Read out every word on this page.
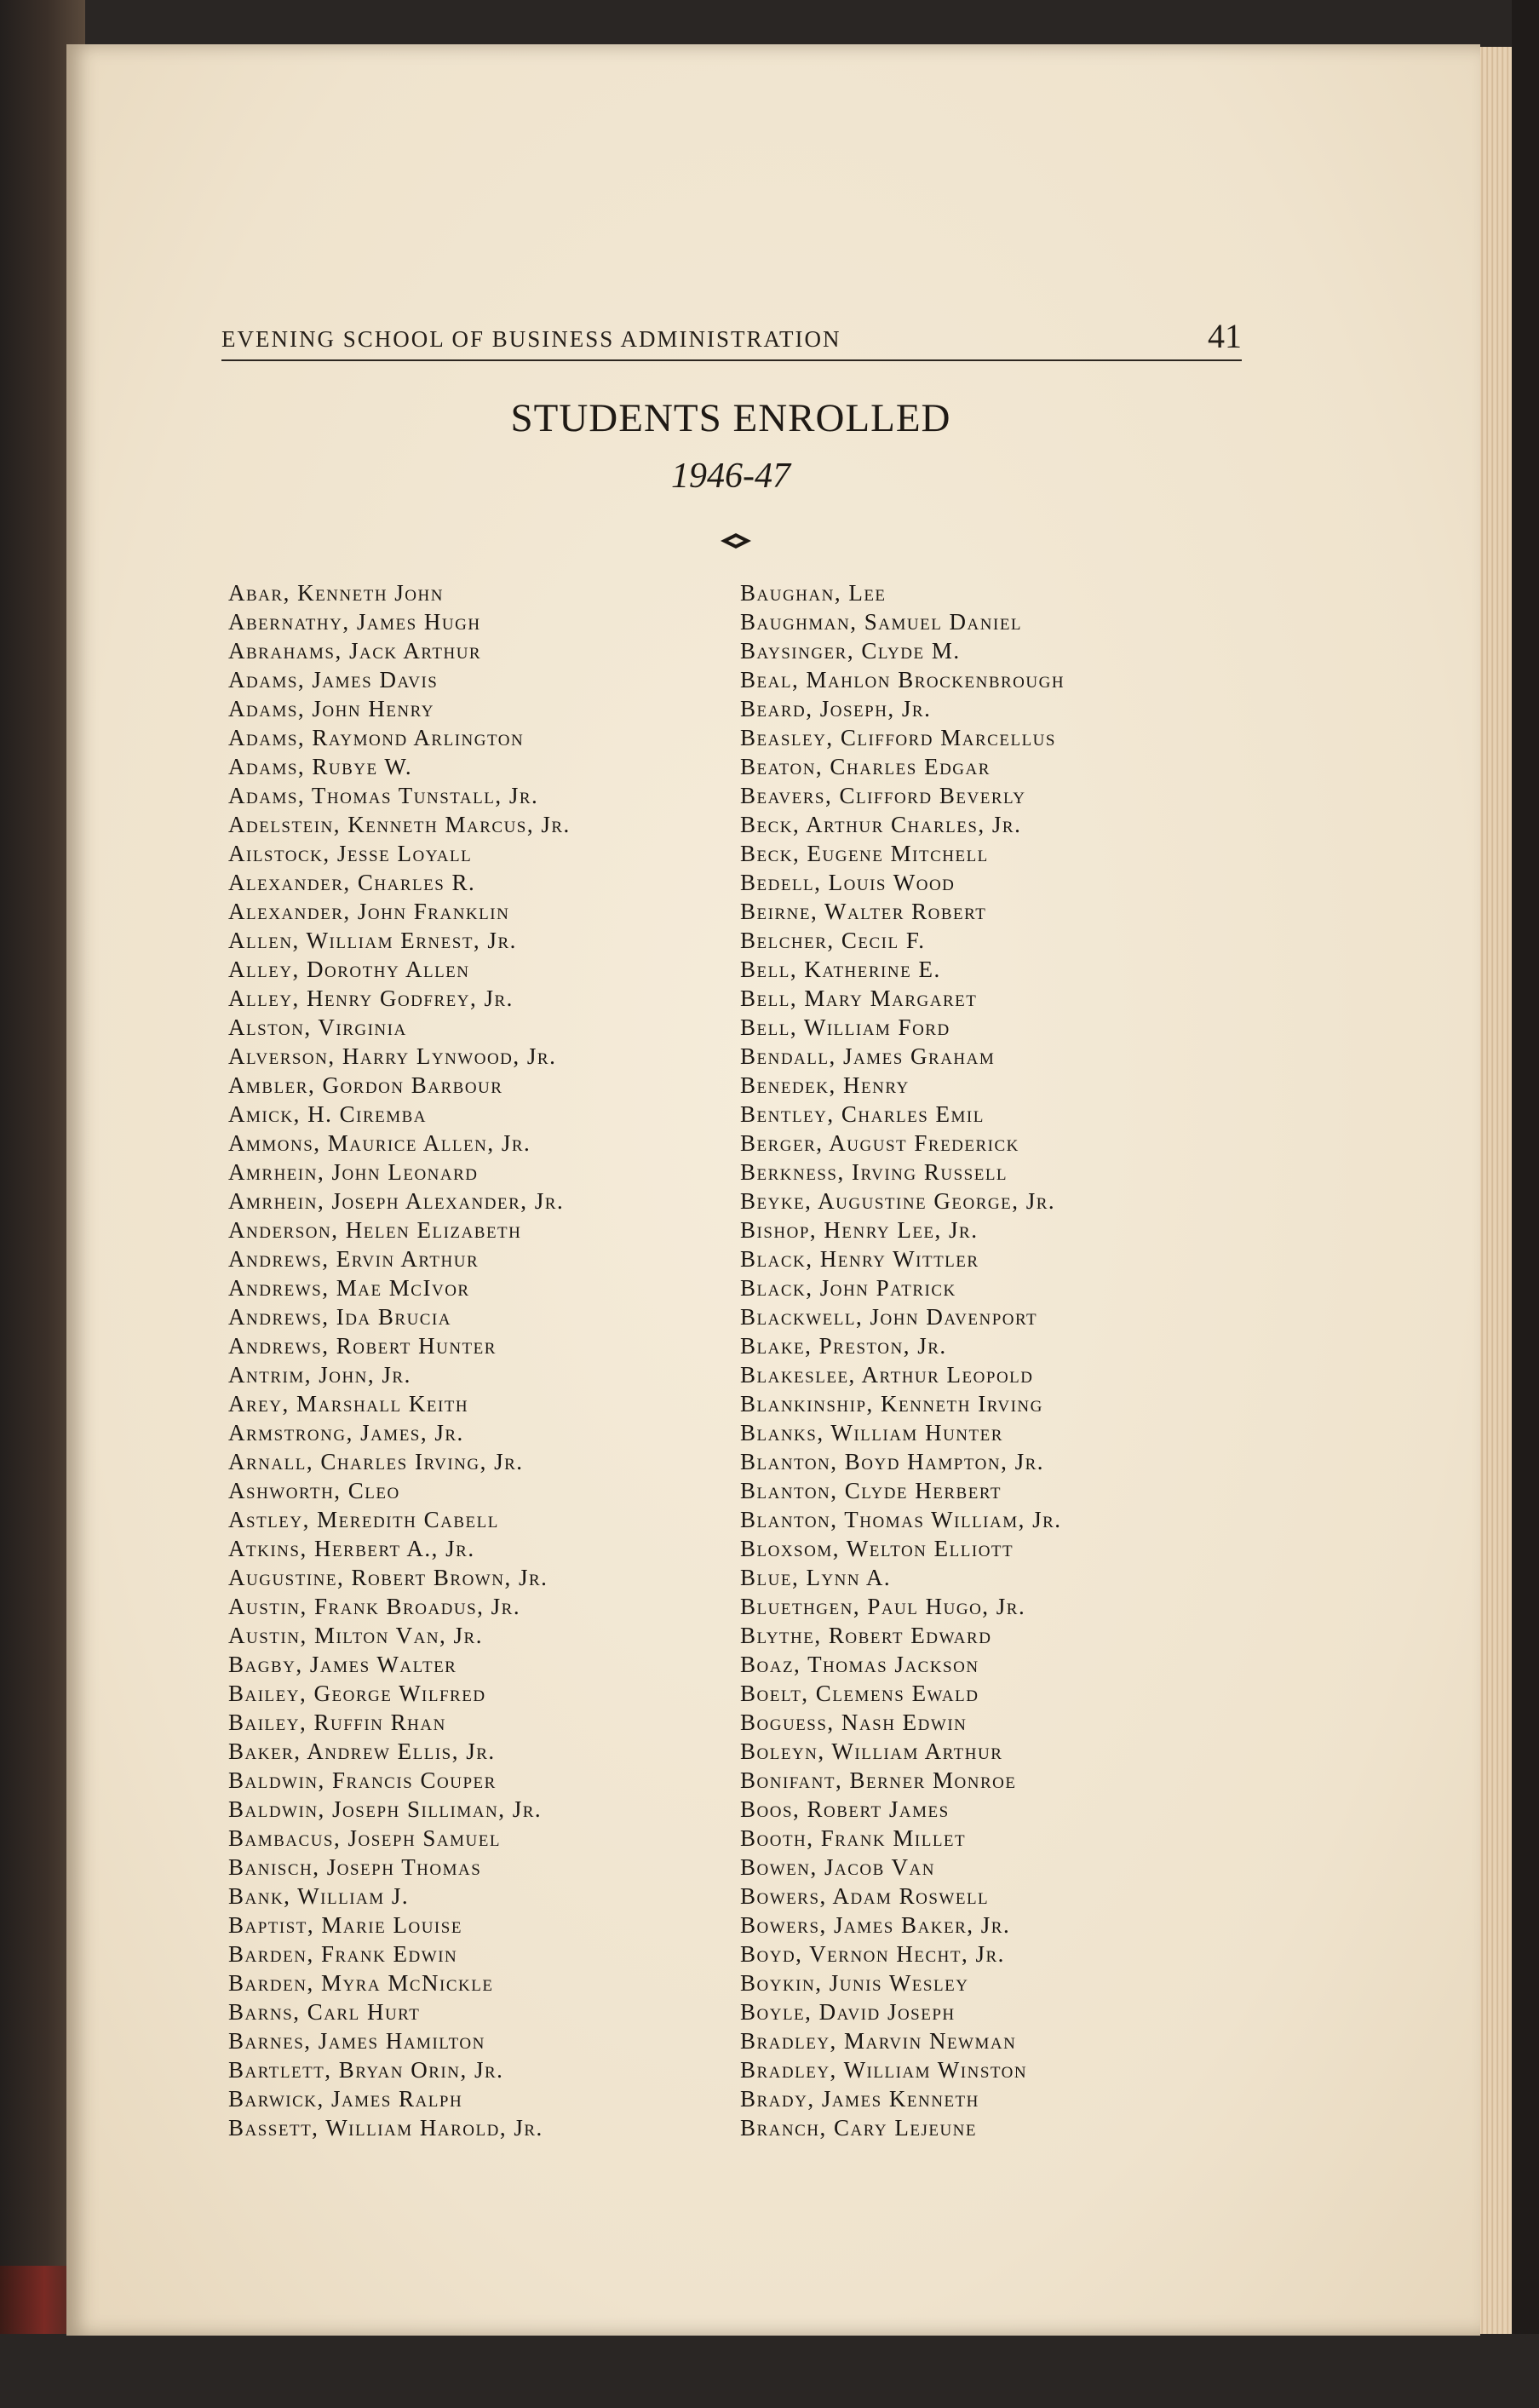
EVENING SCHOOL OF BUSINESS ADMINISTRATION	41
STUDENTS ENROLLED
1946-47
Abar, Kenneth John
Abernathy, James Hugh
Abrahams, Jack Arthur
Adams, James Davis
Adams, John Henry
Adams, Raymond Arlington
Adams, Rubye W.
Adams, Thomas Tunstall, Jr.
Adelstein, Kenneth Marcus, Jr.
Ailstock, Jesse Loyall
Alexander, Charles R.
Alexander, John Franklin
Allen, William Ernest, Jr.
Alley, Dorothy Allen
Alley, Henry Godfrey, Jr.
Alston, Virginia
Alverson, Harry Lynwood, Jr.
Ambler, Gordon Barbour
Amick, H. Ciremba
Ammons, Maurice Allen, Jr.
Amrhein, John Leonard
Amrhein, Joseph Alexander, Jr.
Anderson, Helen Elizabeth
Andrews, Ervin Arthur
Andrews, Mae McIvor
Andrews, Ida Brucia
Andrews, Robert Hunter
Antrim, John, Jr.
Arey, Marshall Keith
Armstrong, James, Jr.
Arnall, Charles Irving, Jr.
Ashworth, Cleo
Astley, Meredith Cabell
Atkins, Herbert A., Jr.
Augustine, Robert Brown, Jr.
Austin, Frank Broadus, Jr.
Austin, Milton Van, Jr.
Bagby, James Walter
Bailey, George Wilfred
Bailey, Ruffin Rhan
Baker, Andrew Ellis, Jr.
Baldwin, Francis Couper
Baldwin, Joseph Silliman, Jr.
Bambacus, Joseph Samuel
Banisch, Joseph Thomas
Bank, William J.
Baptist, Marie Louise
Barden, Frank Edwin
Barden, Myra McNickle
Barns, Carl Hurt
Barnes, James Hamilton
Bartlett, Bryan Orin, Jr.
Barwick, James Ralph
Bassett, William Harold, Jr.
Baughan, Lee
Baughman, Samuel Daniel
Baysinger, Clyde M.
Beal, Mahlon Brockenbrough
Beard, Joseph, Jr.
Beasley, Clifford Marcellus
Beaton, Charles Edgar
Beavers, Clifford Beverly
Beck, Arthur Charles, Jr.
Beck, Eugene Mitchell
Bedell, Louis Wood
Beirne, Walter Robert
Belcher, Cecil F.
Bell, Katherine E.
Bell, Mary Margaret
Bell, William Ford
Bendall, James Graham
Benedek, Henry
Bentley, Charles Emil
Berger, August Frederick
Berkness, Irving Russell
Beyke, Augustine George, Jr.
Bishop, Henry Lee, Jr.
Black, Henry Wittler
Black, John Patrick
Blackwell, John Davenport
Blake, Preston, Jr.
Blakeslee, Arthur Leopold
Blankinship, Kenneth Irving
Blanks, William Hunter
Blanton, Boyd Hampton, Jr.
Blanton, Clyde Herbert
Blanton, Thomas William, Jr.
Bloxsom, Welton Elliott
Blue, Lynn A.
Bluethgen, Paul Hugo, Jr.
Blythe, Robert Edward
Boaz, Thomas Jackson
Boelt, Clemens Ewald
Boguess, Nash Edwin
Boleyn, William Arthur
Bonifant, Berner Monroe
Boos, Robert James
Booth, Frank Millet
Bowen, Jacob Van
Bowers, Adam Roswell
Bowers, James Baker, Jr.
Boyd, Vernon Hecht, Jr.
Boykin, Junis Wesley
Boyle, David Joseph
Bradley, Marvin Newman
Bradley, William Winston
Brady, James Kenneth
Branch, Cary Lejeune
